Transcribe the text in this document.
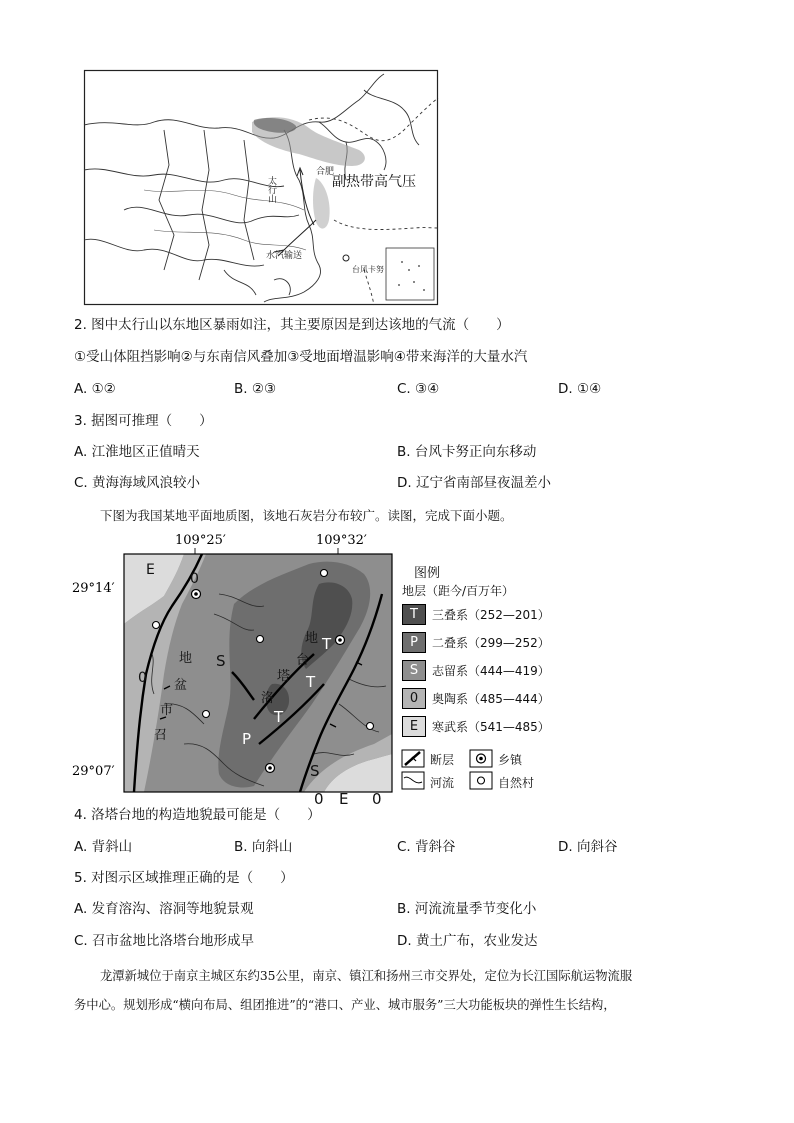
太行山
合肥
副热带高气压
水汽输送
台风卡努
2. 图中太行山以东地区暴雨如注，其主要原因是到达该地的气流（　　）
①受山体阻挡影响②与东南信风叠加③受地面增温影响④带来海洋的大量水汽
A. ①②	B. ②③	C. ③④	D. ①④
3. 据图可推理（　　）
A. 江淮地区正值晴天	B. 台风卡努正向东移动
C. 黄海海域风浪较小	D. 辽宁省南部昼夜温差小
下图为我国某地平面地质图，该地石灰岩分布较广。读图，完成下面小题。
109°25′	109°32′
29°14′
29°07′
E
0
0
S
S
0 E 0
P
T
T
T
地
盆
市
召
地
台
塔
洛
图例
地层（距今/百万年）
T	三叠系（252—201）
P	二叠系（299—252）
S	志留系（444—419）
0	奥陶系（485—444）
E	寒武系（541—485）
断层	乡镇
河流	自然村
4. 洛塔台地的构造地貌最可能是（　　）
A. 背斜山	B. 向斜山	C. 背斜谷	D. 向斜谷
5. 对图示区域推理正确的是（　　）
A. 发育溶沟、溶洞等地貌景观	B. 河流流量季节变化小
C. 召市盆地比洛塔台地形成早	D. 黄土广布，农业发达
龙潭新城位于南京主城区东约35公里，南京、镇江和扬州三市交界处，定位为长江国际航运物流服
务中心。规划形成“横向布局、组团推进”的“港口、产业、城市服务”三大功能板块的弹性生长结构，
